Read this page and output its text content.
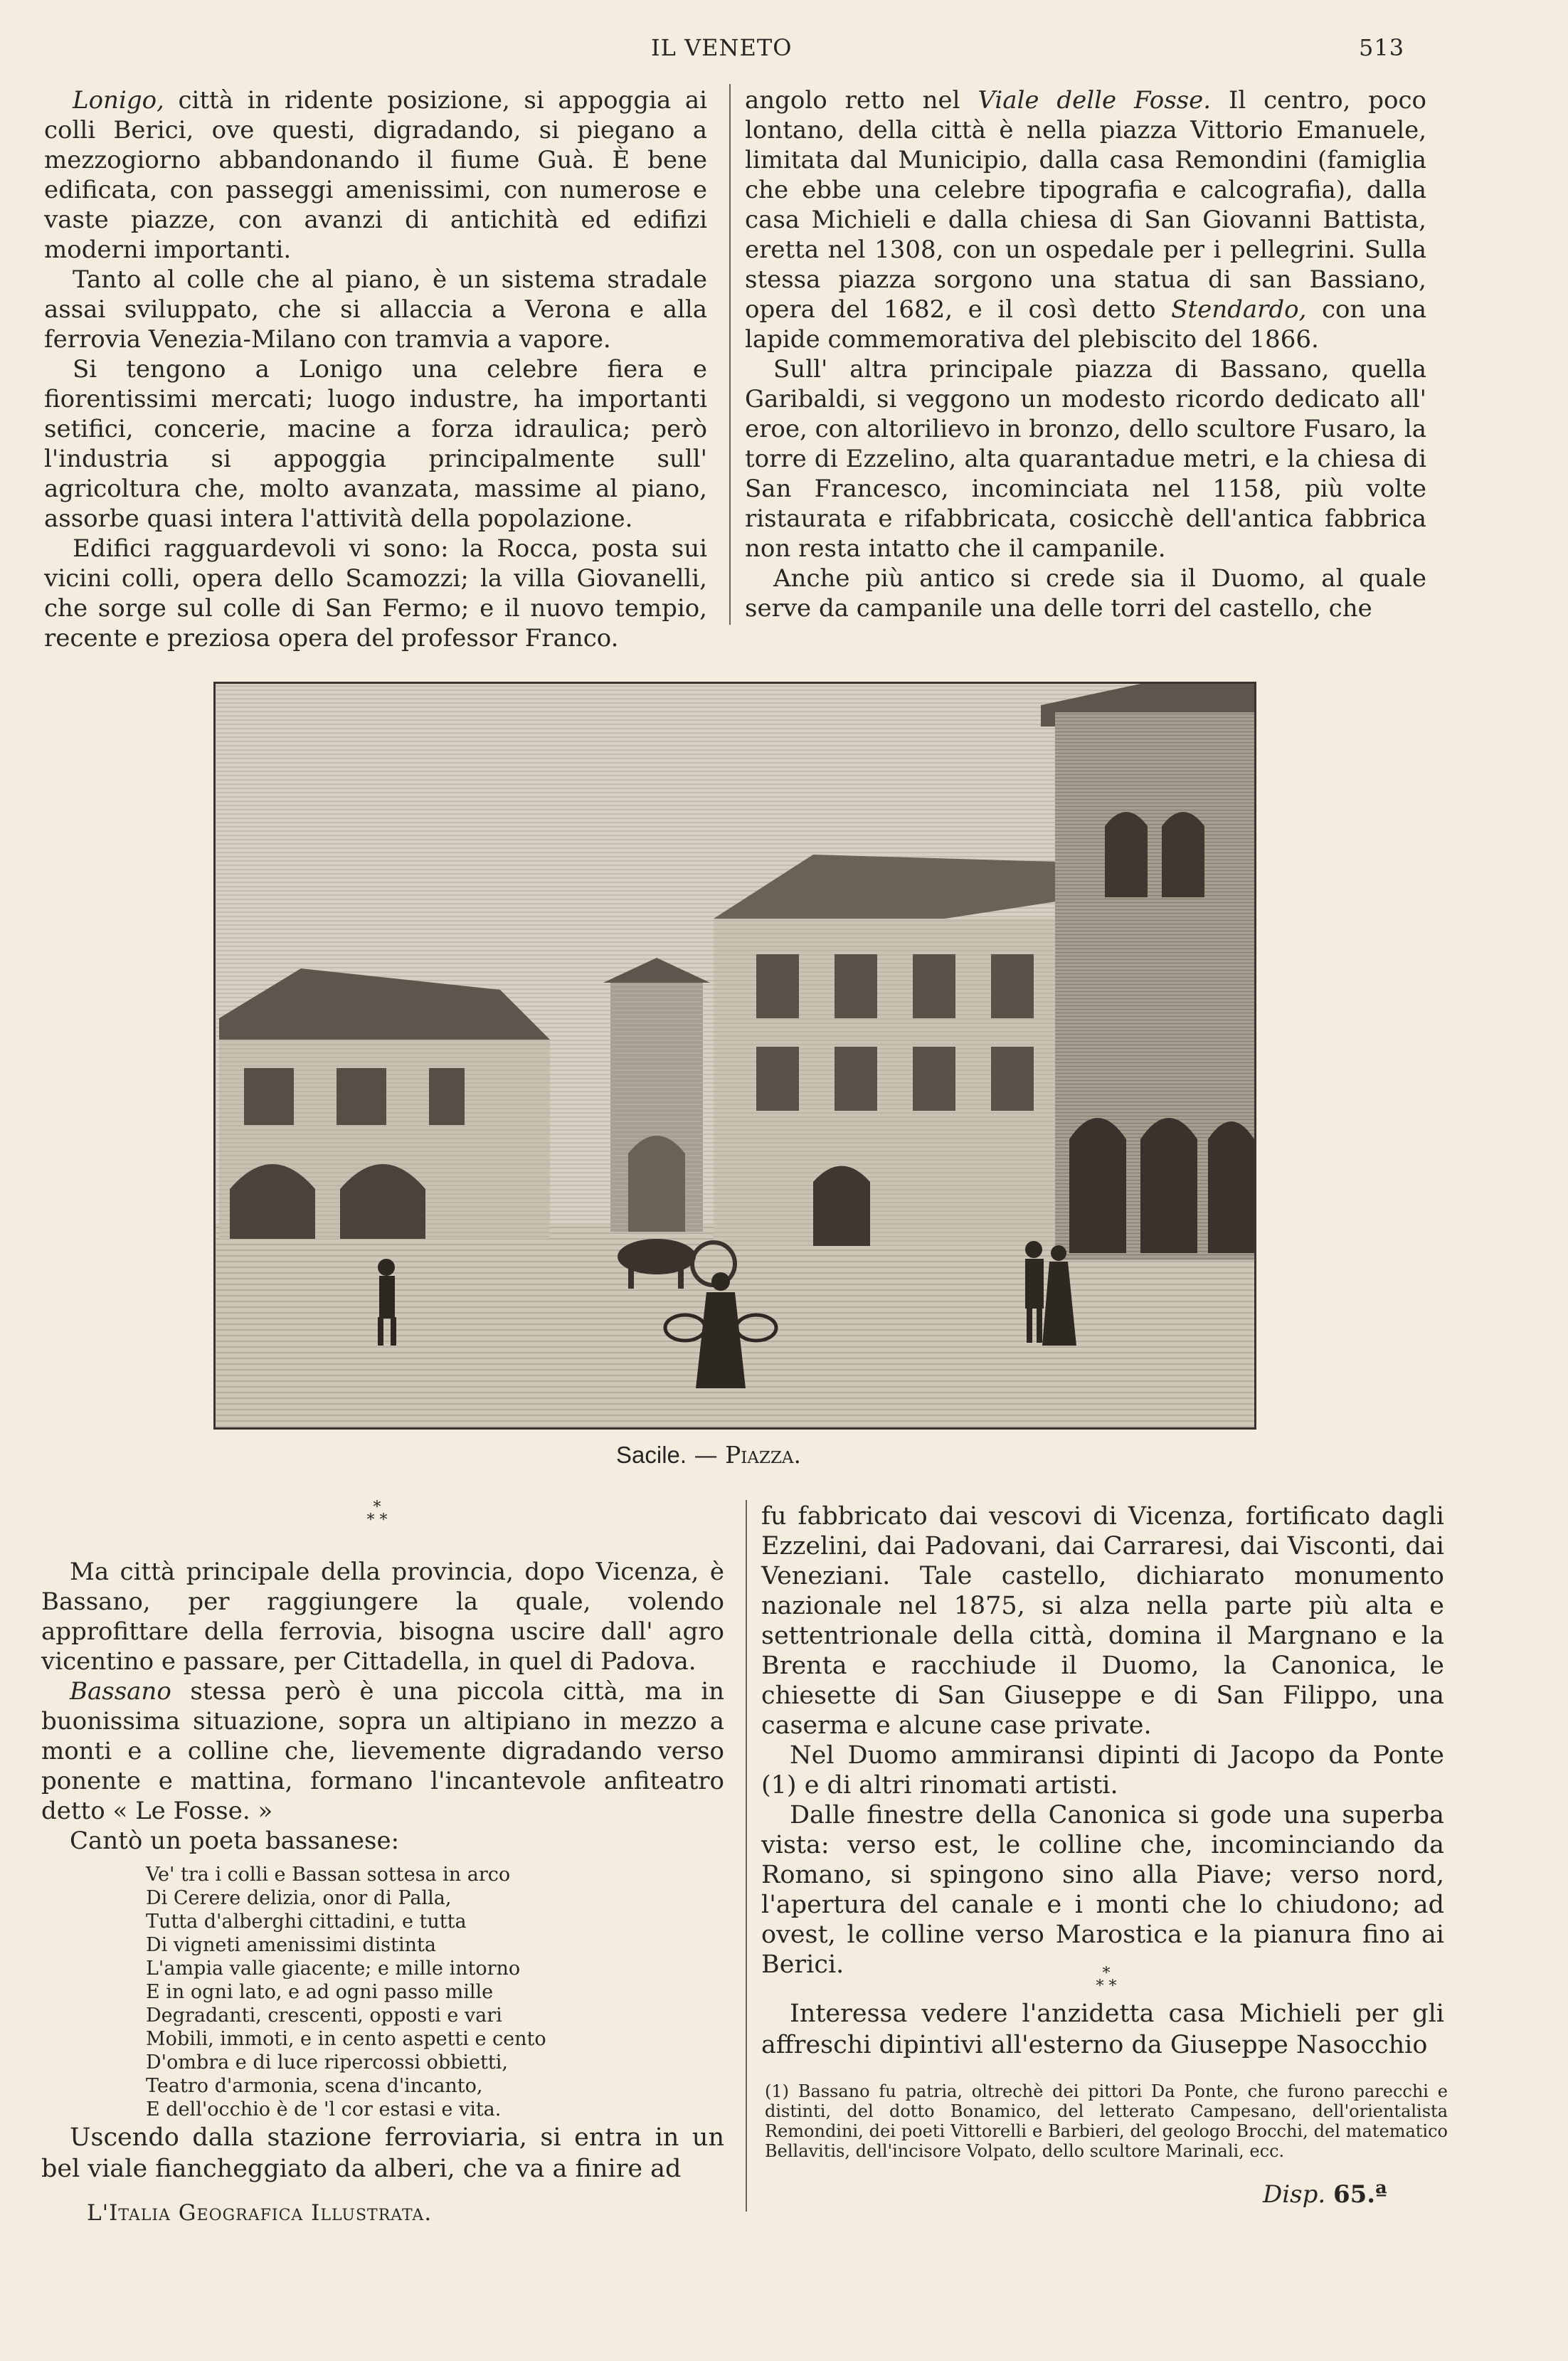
IL VENETO	513

Lonigo, città in ridente posizione, si appoggia ai colli Berici, ove questi, digradando, si piegano a mezzogiorno abbandonando il fiume Guà. È bene edificata, con passeggi amenissimi, con numerose e vaste piazze, con avanzi di antichità ed edifizi moderni importanti.

Tanto al colle che al piano, è un sistema stradale assai sviluppato, che si allaccia a Verona e alla ferrovia Venezia-Milano con tramvia a vapore.

Si tengono a Lonigo una celebre fiera e fiorentissimi mercati; luogo industre, ha importanti setifici, concerie, macine a forza idraulica; però l'industria si appoggia principalmente sull' agricoltura che, molto avanzata, massime al piano, assorbe quasi intera l'attività della popolazione.

Edifici ragguardevoli vi sono: la Rocca, posta sui vicini colli, opera dello Scamozzi; la villa Giovanelli, che sorge sul colle di San Fermo; e il nuovo tempio, recente e preziosa opera del professor Franco.

angolo retto nel Viale delle Fosse. Il centro, poco lontano, della città è nella piazza Vittorio Emanuele, limitata dal Municipio, dalla casa Remondini (famiglia che ebbe una celebre tipografia e calcografia), dalla casa Michieli e dalla chiesa di San Giovanni Battista, eretta nel 1308, con un ospedale per i pellegrini. Sulla stessa piazza sorgono una statua di san Bassiano, opera del 1682, e il così detto Stendardo, con una lapide commemorativa del plebiscito del 1866.

Sull' altra principale piazza di Bassano, quella Garibaldi, si veggono un modesto ricordo dedicato all' eroe, con altorilievo in bronzo, dello scultore Fusaro, la torre di Ezzelino, alta quarantadue metri, e la chiesa di San Francesco, incominciata nel 1158, più volte ristaurata e rifabbricata, cosicchè dell'antica fabbrica non resta intatto che il campanile.

Anche più antico si crede sia il Duomo, al quale serve da campanile una delle torri del castello, che

Sacile. — Piazza.
*
* *

Ma città principale della provincia, dopo Vicenza, è Bassano, per raggiungere la quale, volendo approfittare della ferrovia, bisogna uscire dall' agro vicentino e passare, per Cittadella, in quel di Padova.

Bassano stessa però è una piccola città, ma in buonissima situazione, sopra un altipiano in mezzo a monti e a colline che, lievemente digradando verso ponente e mattina, formano l'incantevole anfiteatro detto « Le Fosse. »

Cantò un poeta bassanese:

Ve' tra i colli e Bassan sottesa in arco
Di Cerere delizia, onor di Palla,
Tutta d'alberghi cittadini, e tutta
Di vigneti amenissimi distinta
L'ampia valle giacente; e mille intorno
E in ogni lato, e ad ogni passo mille
Degradanti, crescenti, opposti e vari
Mobili, immoti, e in cento aspetti e cento
D'ombra e di luce ripercossi obbietti,
Teatro d'armonia, scena d'incanto,
E dell'occhio è de 'l cor estasi e vita.

Uscendo dalla stazione ferroviaria, si entra in un bel viale fiancheggiato da alberi, che va a finire ad

fu fabbricato dai vescovi di Vicenza, fortificato dagli Ezzelini, dai Padovani, dai Carraresi, dai Visconti, dai Veneziani. Tale castello, dichiarato monumento nazionale nel 1875, si alza nella parte più alta e settentrionale della città, domina il Margnano e la Brenta e racchiude il Duomo, la Canonica, le chiesette di San Giuseppe e di San Filippo, una caserma e alcune case private.

Nel Duomo ammiransi dipinti di Jacopo da Ponte (1) e di altri rinomati artisti.

Dalle finestre della Canonica si gode una superba vista: verso est, le colline che, incominciando da Romano, si spingono sino alla Piave; verso nord, l'apertura del canale e i monti che lo chiudono; ad ovest, le colline verso Marostica e la pianura fino ai Berici.	*
* *

Interessa vedere l'anzidetta casa Michieli per gli affreschi dipintivi all'esterno da Giuseppe Nasocchio

(1) Bassano fu patria, oltrechè dei pittori Da Ponte, che furono parecchi e distinti, del dotto Bonamico, del letterato Campesano, dell'orientalista Remondini, dei poeti Vittorelli e Barbieri, del geologo Brocchi, del matematico Bellavitis, dell'incisore Volpato, dello scultore Marinali, ecc.
L'Italia Geografica Illustrata.
Disp. 65.ª
